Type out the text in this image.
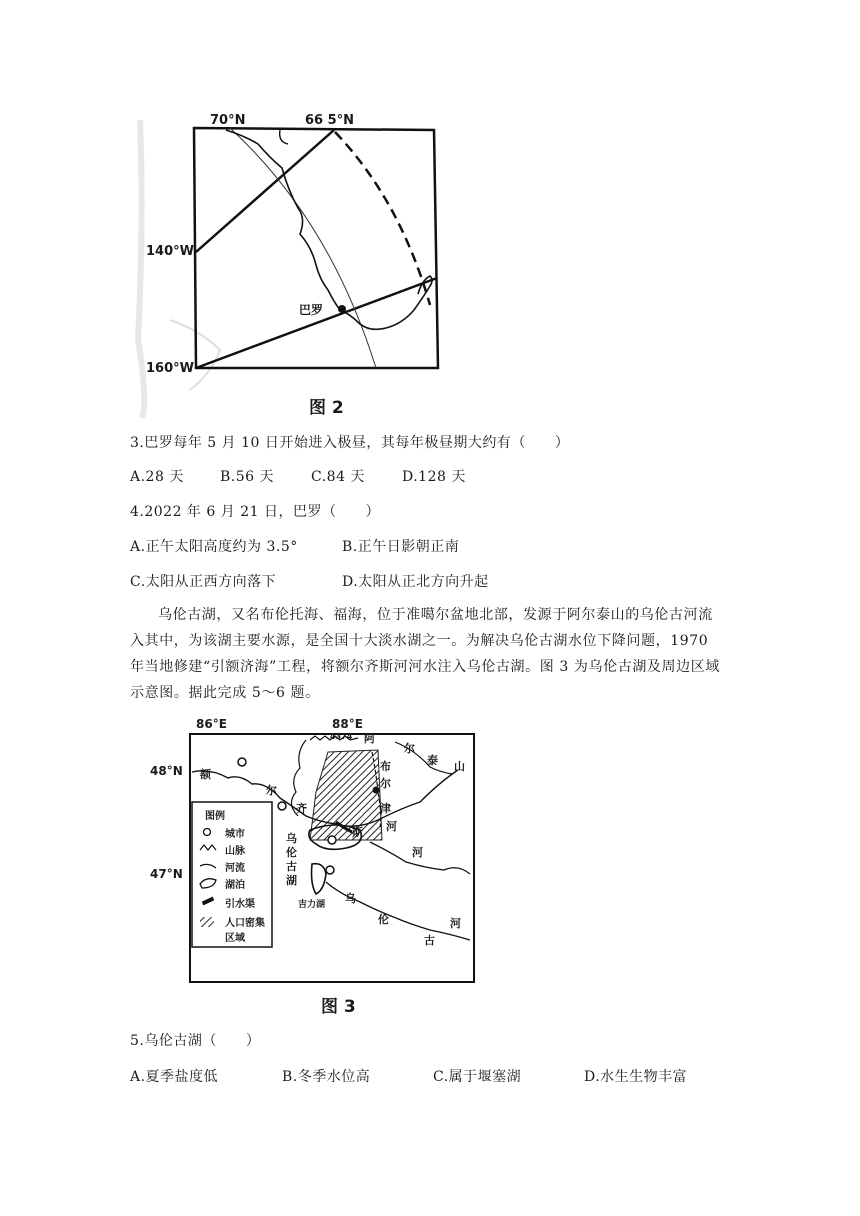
70°N	66 5°N
140°W
160°W
巴罗
图 2
3.巴罗每年 5 月 10 日开始进入极昼，其每年极昼期大约有（　　）
A.28 天	B.56 天	C.84 天	D.128 天
4.2022 年 6 月 21 日，巴罗（　　）
A.正午太阳高度约为 3.5°	B.正午日影朝正南
C.太阳从正西方向落下	D.太阳从正北方向升起
乌伦古湖，又名布伦托海、福海，位于准噶尔盆地北部，发源于阿尔泰山的乌伦古河流入其中，为该湖主要水源，是全国十大淡水湖之一。为解决乌伦古湖水位下降问题，1970 年当地修建“引额济海”工程，将额尔齐斯河河水注入乌伦古湖。图 3 为乌伦古湖及周边区域示意图。据此完成 5～6 题。
86°E	88°E
48°N
47°N
图例
城市
山脉
河流
湖泊
引水渠
人口密集
区域
4374 阿
尔
泰 山
额
尔
齐
斯
布
尔
津
河
河
乌
伦
古
湖
吉力湖 乌
伦
古
河
图 3
5.乌伦古湖（　　）
A.夏季盐度低	B.冬季水位高	C.属于堰塞湖	D.水生生物丰富
